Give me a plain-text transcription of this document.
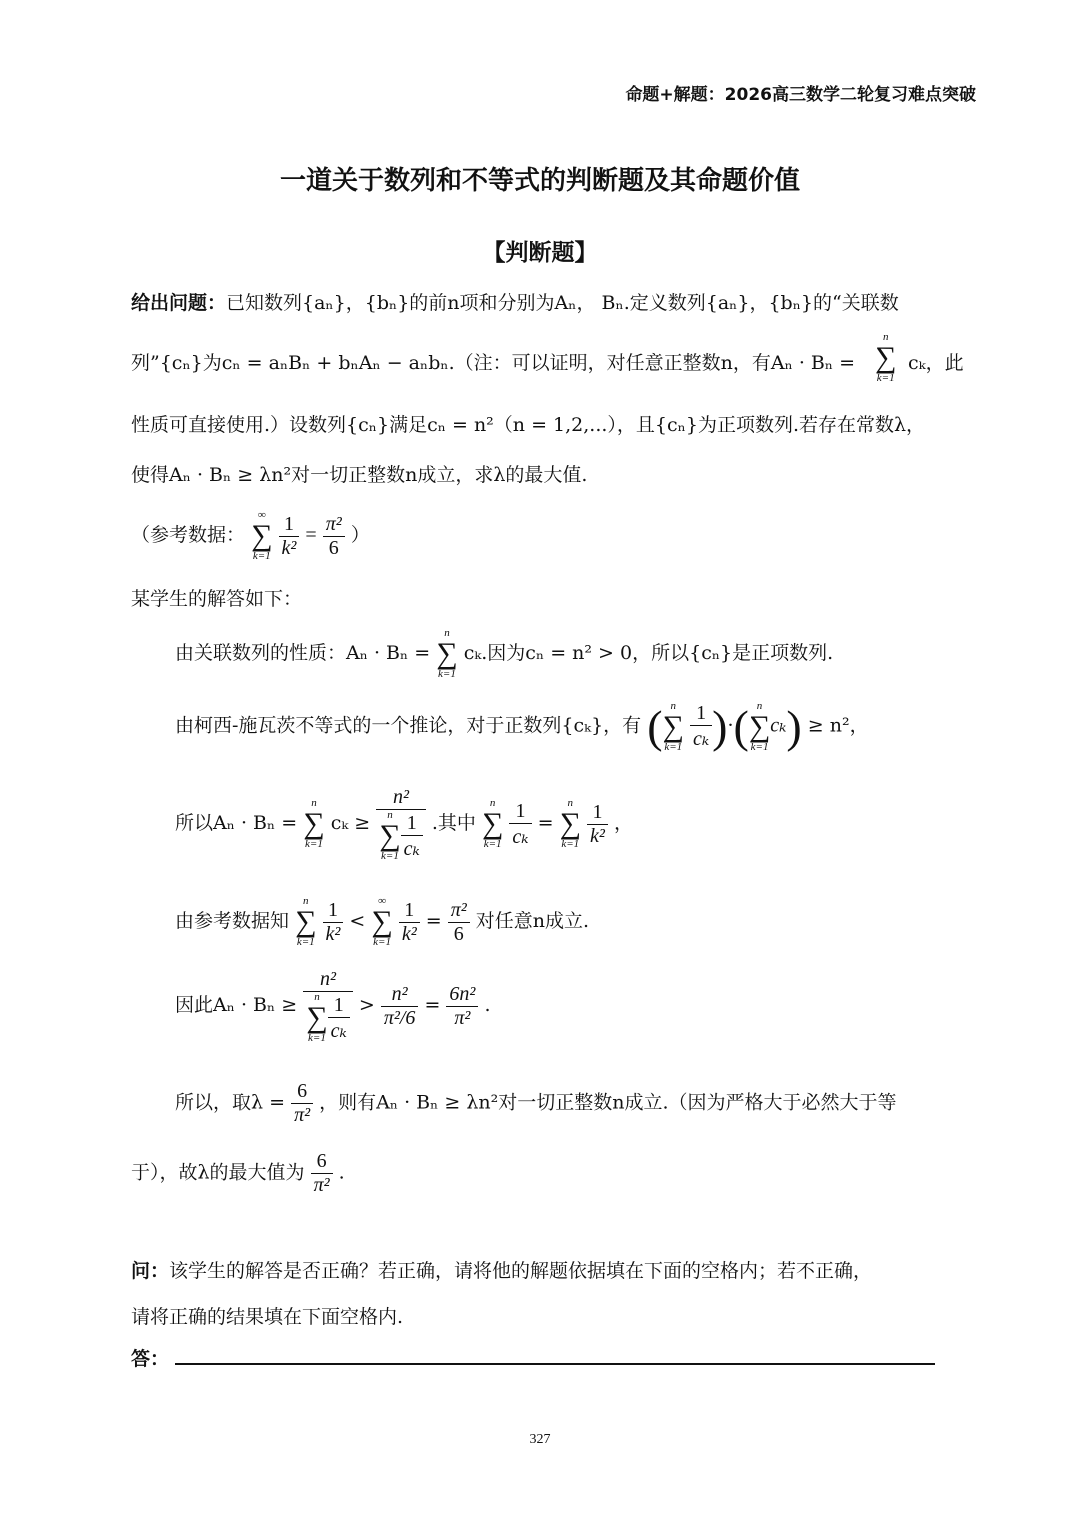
命题+解题：2026高三数学二轮复习难点突破
一道关于数列和不等式的判断题及其命题价值
【判断题】
给出问题：已知数列{aₙ}，{bₙ}的前n项和分别为Aₙ， Bₙ.定义数列{aₙ}，{bₙ}的“关联数
列”{cₙ}为cₙ = aₙBₙ + bₙAₙ − aₙbₙ.（注：可以证明，对任意正整数n，有Aₙ · Bₙ =
n
∑
k=1
cₖ，此
性质可直接使用.）设数列{cₙ}满足cₙ = n²（n = 1,2,...），且{cₙ}为正项数列.若存在常数λ，
使得Aₙ · Bₙ ≥ λn²对一切正整数n成立，求λ的最大值.
（参考数据：
∞
∑
k=1
$\frac{1}{\text{k²}} = \frac{\text{π²}}{6}$ ）
某学生的解答如下：
由关联数列的性质：Aₙ · Bₙ =
n
∑
k=1
cₖ.因为cₙ = n² > 0，所以{cₙ}是正项数列.
由柯西-施瓦茨不等式的一个推论，对于正数列{cₖ}，有 ( n
∑
k=1
$\frac{1}{\text{cₖ}}$ )·( n
∑
k=1
cₖ) ≥ n²，
所以Aₙ · Bₙ =
n
∑
k=1
cₖ ≥ n²
n
∑
$k=1 \frac{1}{\text{cₖ}}$ .其中
n
∑
k=1
$\frac{1}{\text{cₖ}}$ =
n
∑
k=1
$\frac{1}{\text{k²}}$ ，
由参考数据知
n
∑
k=1
$\frac{1}{\text{k²}}$ <
∞
∑
k=1
$\frac{1}{\text{k²}} = \frac{\text{π²}}{6}$ 对任意n成立.
因此Aₙ · Bₙ ≥ n²
n
∑
$k=1 \frac{1}{\text{cₖ}} > \frac{\text{n²}}{\text{π²/6}} = \frac{\text{6n²}}{\text{π²}}$ .
所以，取$\lambda = \frac{6}{\text{π²}}$ ，则有Aₙ · Bₙ ≥ λn²对一切正整数n成立.（因为严格大于必然大于等
于），故λ的最大值为 $\frac{6}{\text{π²}}$ .
问：该学生的解答是否正确？若正确，请将他的解题依据填在下面的空格内；若不正确，
请将正确的结果填在下面空格内.
答：
327
